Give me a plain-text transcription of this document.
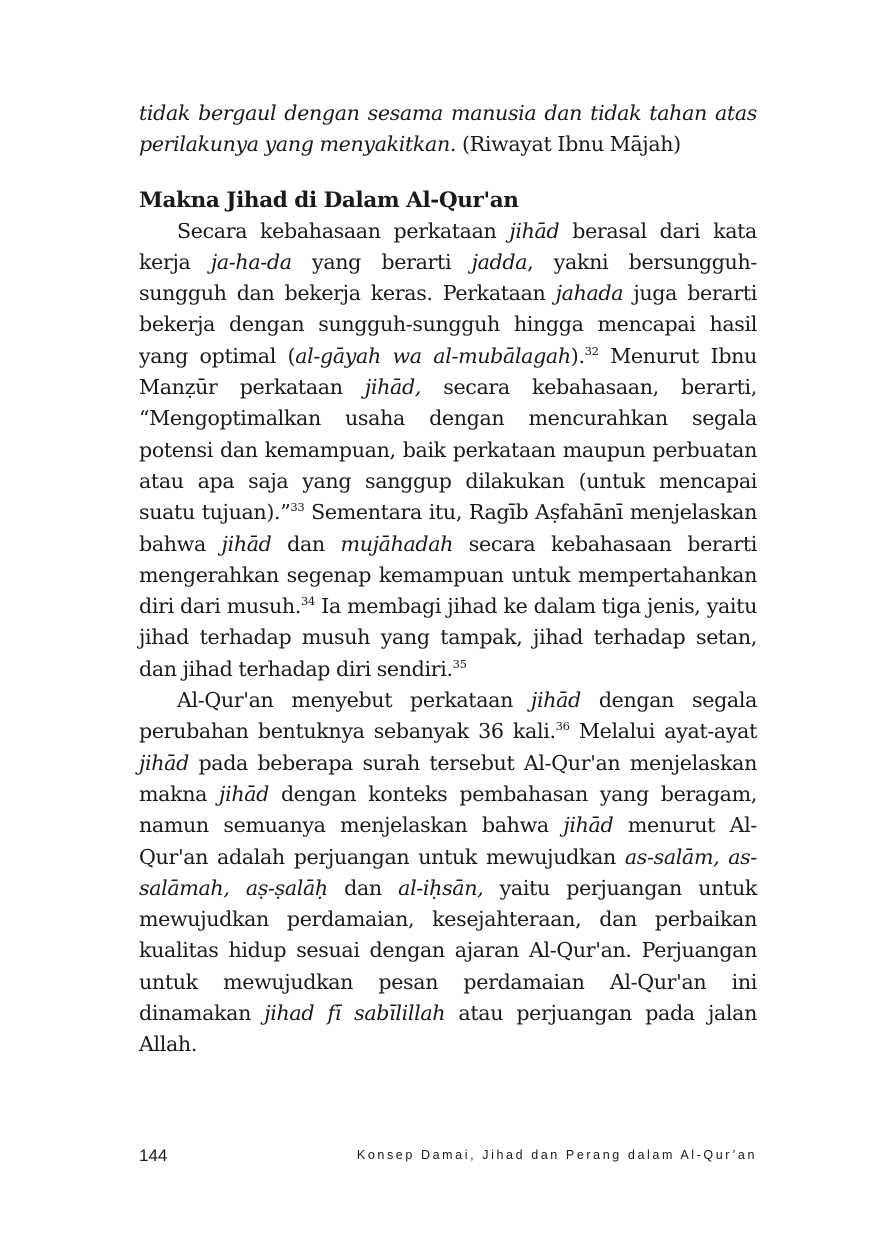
tidak bergaul dengan sesama manusia dan tidak tahan atas perilakunya yang menyakitkan. (Riwayat Ibnu Mājah)

Makna Jihad di Dalam Al-Qur'an

Secara kebahasaan perkataan jihād berasal dari kata kerja ja-ha-da yang berarti jadda, yakni bersungguh-sungguh dan bekerja keras. Perkataan jahada juga berarti bekerja dengan sungguh-sungguh hingga mencapai hasil yang optimal (al-gāyah wa al-mubālagah).$^{32}$ Menurut Ibnu Manẓūr perkataan jihād, secara kebahasaan, berarti, “Mengoptimalkan usaha dengan mencurahkan segala potensi dan kemampuan, baik perkataan maupun perbuatan atau apa saja yang sanggup dilakukan (untuk mencapai suatu tujuan).”$^{33}$ Sementara itu, Ragīb Aṣfahānī menjelaskan bahwa jihād dan mujāhadah secara kebahasaan berarti mengerahkan segenap kemampuan untuk mempertahankan diri dari musuh.$^{34}$ Ia membagi jihad ke dalam tiga jenis, yaitu jihad terhadap musuh yang tampak, jihad terhadap setan, dan jihad terhadap diri sendiri.$^{35}$

Al-Qur'an menyebut perkataan jihād dengan segala perubahan bentuknya sebanyak 36 kali.$^{36}$ Melalui ayat-ayat jihād pada beberapa surah tersebut Al-Qur'an menjelaskan makna jihād dengan konteks pembahasan yang beragam, namun semuanya menjelaskan bahwa jihād menurut Al-Qur'an adalah perjuangan untuk mewujudkan as-salām, as-salāmah, aṣ-ṣalāḥ dan al-iḥsān, yaitu perjuangan untuk mewujudkan perdamaian, kesejahteraan, dan perbaikan kualitas hidup sesuai dengan ajaran Al-Qur'an. Perjuangan untuk mewujudkan pesan perdamaian Al-Qur'an ini dinamakan jihad fī sabīlillah atau perjuangan pada jalan Allah.

144	Konsep Damai, Jihad dan Perang dalam Al-Qur’an
